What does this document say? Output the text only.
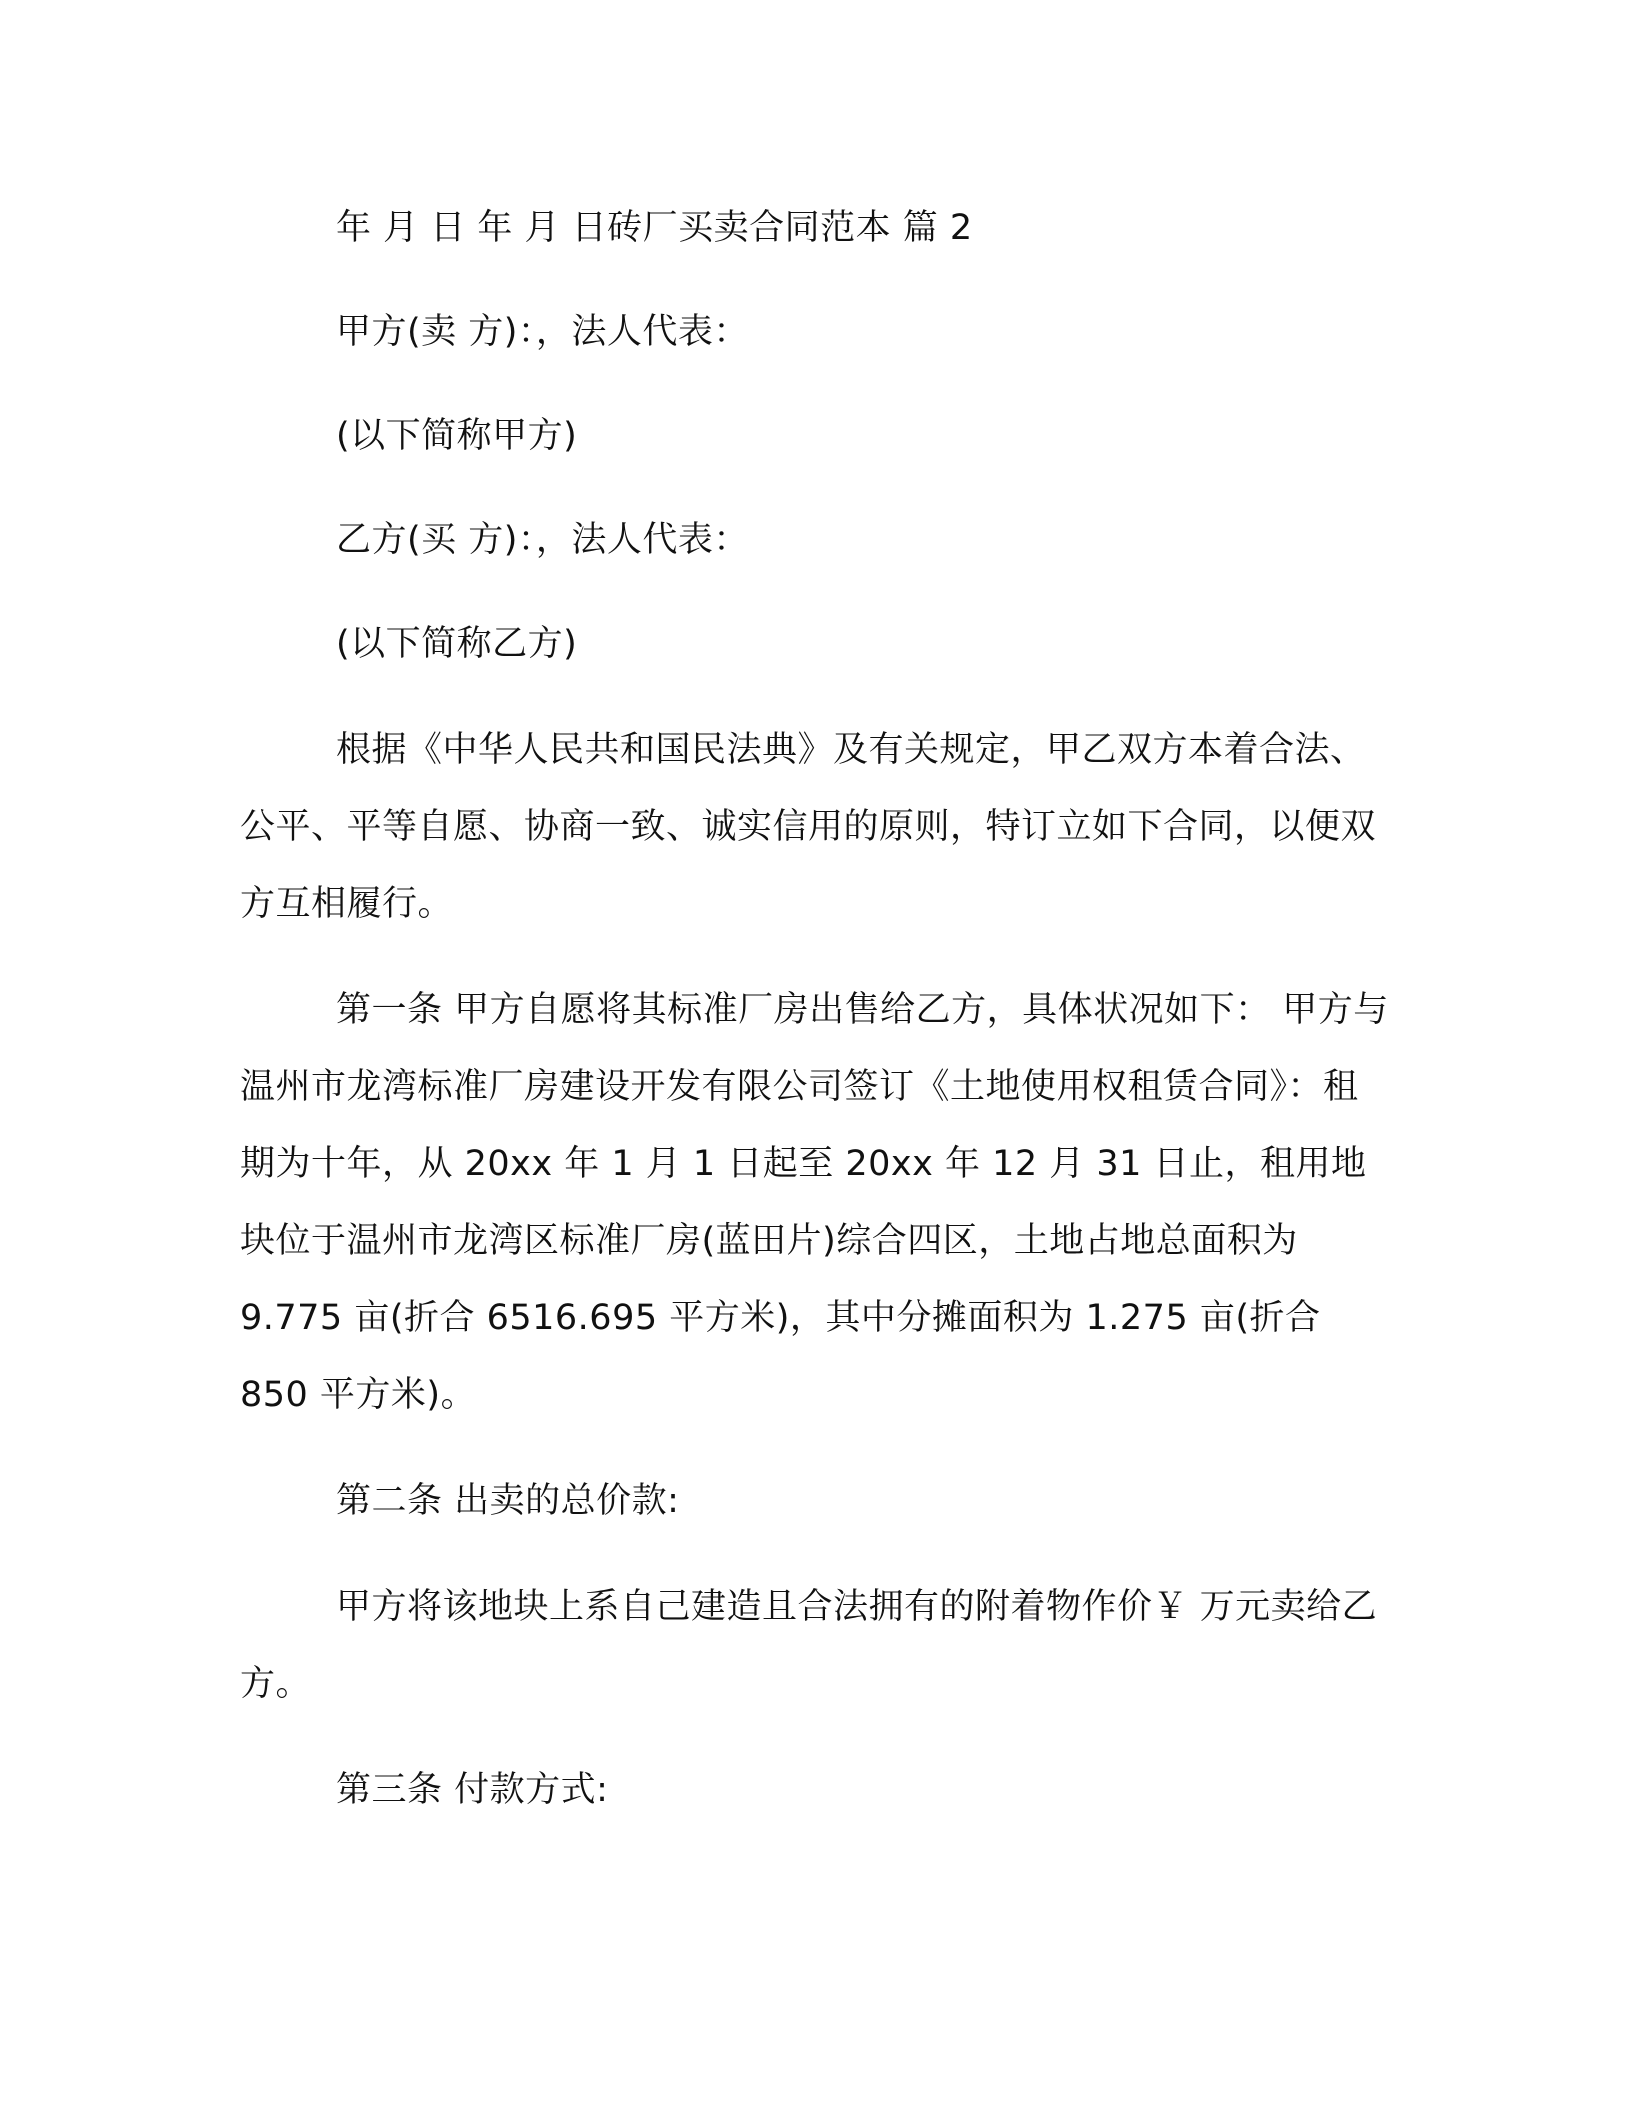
年 月 日 年 月 日砖厂买卖合同范本 篇 2

甲方(卖 方)：，法人代表：

(以下简称甲方)

乙方(买 方)：，法人代表：

(以下简称乙方)

根据《中华人民共和国民法典》及有关规定，甲乙双方本着合法、公平、平等自愿、协商一致、诚实信用的原则，特订立如下合同，以便双方互相履行。

第一条 甲方自愿将其标准厂房出售给乙方，具体状况如下： 甲方与温州市龙湾标准厂房建设开发有限公司签订《土地使用权租赁合同》：租期为十年，从 20xx 年 1 月 1 日起至 20xx 年 12 月 31 日止，租用地块位于温州市龙湾区标准厂房(蓝田片)综合四区，土地占地总面积为 9.775 亩(折合 6516.695 平方米)，其中分摊面积为 1.275 亩(折合 850 平方米)。

第二条 出卖的总价款:

甲方将该地块上系自己建造且合法拥有的附着物作价￥ 万元卖给乙方。

第三条 付款方式:
